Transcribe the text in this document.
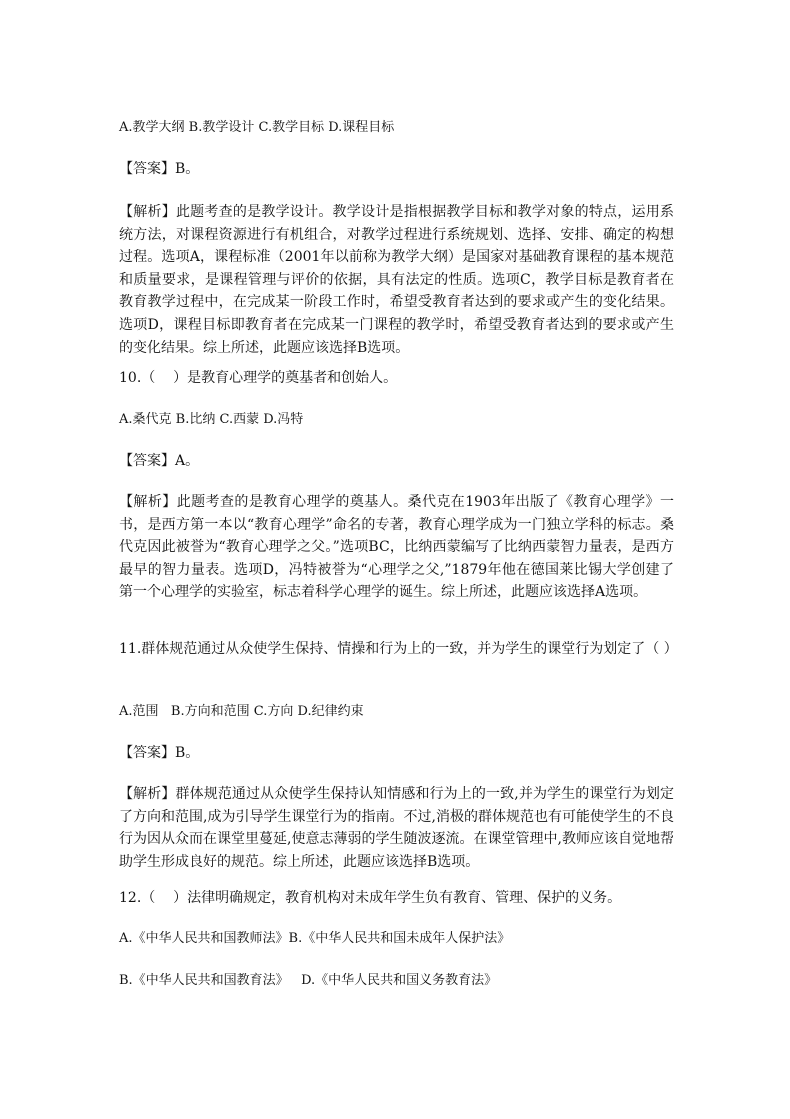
A.教学大纲 B.教学设计 C.教学目标 D.课程目标
【答案】B。
【解析】此题考查的是教学设计。教学设计是指根据教学目标和教学对象的特点，运用系统方法，对课程资源进行有机组合，对教学过程进行系统规划、选择、安排、确定的构想过程。选项A，课程标准（2001年以前称为教学大纲）是国家对基础教育课程的基本规范和质量要求，是课程管理与评价的依据，具有法定的性质。选项C，教学目标是教育者在教育教学过程中，在完成某一阶段工作时，希望受教育者达到的要求或产生的变化结果。选项D，课程目标即教育者在完成某一门课程的教学时，希望受教育者达到的要求或产生的变化结果。综上所述，此题应该选择B选项。
10.（    ）是教育心理学的奠基者和创始人。
A.桑代克 B.比纳 C.西蒙 D.冯特
【答案】A。
【解析】此题考查的是教育心理学的奠基人。桑代克在1903年出版了《教育心理学》一书，是西方第一本以“教育心理学”命名的专著，教育心理学成为一门独立学科的标志。桑代克因此被誉为“教育心理学之父。”选项BC，比纳西蒙编写了比纳西蒙智力量表，是西方最早的智力量表。选项D，冯特被誉为“心理学之父,”1879年他在德国莱比锡大学创建了第一个心理学的实验室，标志着科学心理学的诞生。综上所述，此题应该选择A选项。
11.群体规范通过从众使学生保持、情操和行为上的一致，并为学生的课堂行为划定了（ ）
A.范围   B.方向和范围 C.方向 D.纪律约束
【答案】B。
【解析】群体规范通过从众使学生保持认知情感和行为上的一致,并为学生的课堂行为划定了方向和范围,成为引导学生课堂行为的指南。不过,消极的群体规范也有可能使学生的不良行为因从众而在课堂里蔓延,使意志薄弱的学生随波逐流。在课堂管理中,教师应该自觉地帮助学生形成良好的规范。综上所述，此题应该选择B选项。
12.（    ）法律明确规定，教育机构对未成年学生负有教育、管理、保护的义务。
A.《中华人民共和国教师法》B.《中华人民共和国未成年人保护法》
B.《中华人民共和国教育法》   D.《中华人民共和国义务教育法》
